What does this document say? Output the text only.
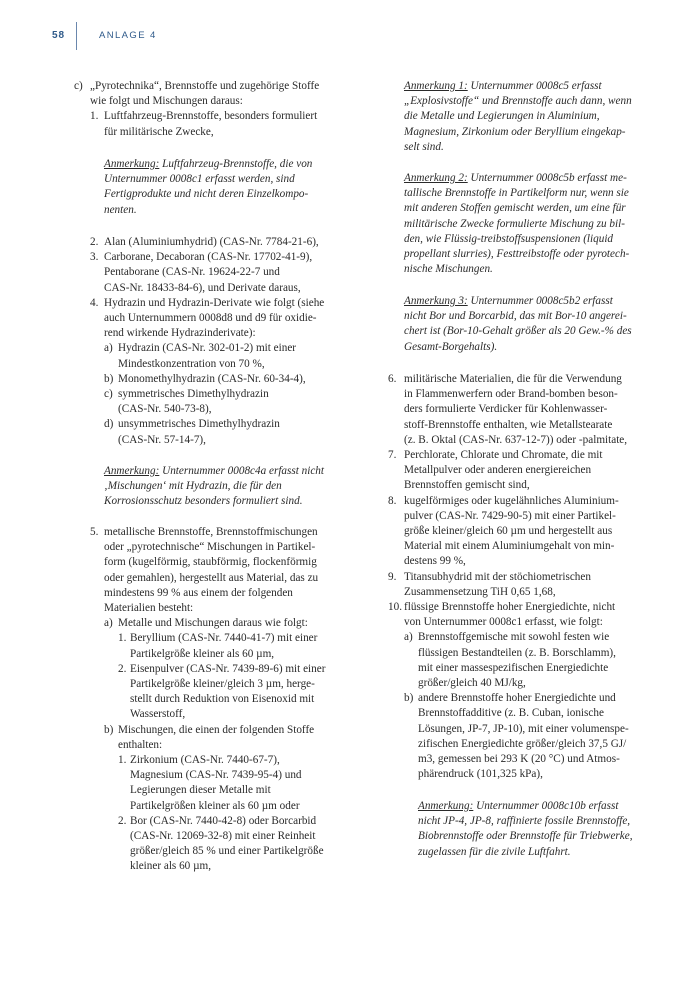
58	ANLAGE 4
c) „Pyrotechnika“, Brennstoffe und zugehörige Stoffe
wie folgt und Mischungen daraus:
1. Luftfahrzeug-Brennstoffe, besonders formuliert
für militärische Zwecke,
Anmerkung: Luftfahrzeug-Brennstoffe, die von
Unternummer 0008c1 erfasst werden, sind
Fertigprodukte und nicht deren Einzelkompo-
nenten.
2. Alan (Aluminiumhydrid) (CAS-Nr. 7784-21-6),
3. Carborane, Decaboran (CAS-Nr. 17702-41-9),
Pentaborane (CAS-Nr. 19624-22-7 und
CAS-Nr. 18433-84-6), und Derivate daraus,
4. Hydrazin und Hydrazin-Derivate wie folgt (siehe
auch Unternummern 0008d8 und d9 für oxidie-
rend wirkende Hydrazinderivate):
a) Hydrazin (CAS-Nr. 302-01-2) mit einer
Mindestkonzentration von 70 %,
b) Monomethylhydrazin (CAS-Nr. 60-34-4),
c) symmetrisches Dimethylhydrazin
(CAS-Nr. 540-73-8),
d) unsymmetrisches Dimethylhydrazin
(CAS-Nr. 57-14-7),
Anmerkung: Unternummer 0008c4a erfasst nicht
‚Mischungen‘ mit Hydrazin, die für den
Korrosionsschutz besonders formuliert sind.
5. metallische Brennstoffe, Brennstoffmischungen
oder „pyrotechnische“ Mischungen in Partikel-
form (kugelförmig, staubförmig, flockenförmig
oder gemahlen), hergestellt aus Material, das zu
mindestens 99 % aus einem der folgenden
Materialien besteht:
a) Metalle und Mischungen daraus wie folgt:
1. Beryllium (CAS-Nr. 7440-41-7) mit einer
Partikelgröße kleiner als 60 µm,
2. Eisenpulver (CAS-Nr. 7439-89-6) mit einer
Partikelgröße kleiner/gleich 3 µm, herge-
stellt durch Reduktion von Eisenoxid mit
Wasserstoff,
b) Mischungen, die einen der folgenden Stoffe
enthalten:
1. Zirkonium (CAS-Nr. 7440-67-7),
Magnesium (CAS-Nr. 7439-95-4) und
Legierungen dieser Metalle mit
Partikelgrößen kleiner als 60 µm oder
2. Bor (CAS-Nr. 7440-42-8) oder Borcarbid
(CAS-Nr. 12069-32-8) mit einer Reinheit
größer/gleich 85 % und einer Partikelgröße
kleiner als 60 µm,
Anmerkung 1: Unternummer 0008c5 erfasst
„Explosivstoffe“ und Brennstoffe auch dann, wenn
die Metalle und Legierungen in Aluminium,
Magnesium, Zirkonium oder Beryllium eingekap-
selt sind.
Anmerkung 2: Unternummer 0008c5b erfasst me-
tallische Brennstoffe in Partikelform nur, wenn sie
mit anderen Stoffen gemischt werden, um eine für
militärische Zwecke formulierte Mischung zu bil-
den, wie Flüssig-treibstoffsuspensionen (liquid
propellant slurries), Festtreibstoffe oder pyrotech-
nische Mischungen.
Anmerkung 3: Unternummer 0008c5b2 erfasst
nicht Bor und Borcarbid, das mit Bor-10 angerei-
chert ist (Bor-10-Gehalt größer als 20 Gew.-% des
Gesamt-Borgehalts).
6. militärische Materialien, die für die Verwendung
in Flammenwerfern oder Brand-bomben beson-
ders formulierte Verdicker für Kohlenwasser-
stoff-Brennstoffe enthalten, wie Metallstearate
(z. B. Oktal (CAS-Nr. 637-12-7)) oder -palmitate,
7. Perchlorate, Chlorate und Chromate, die mit
Metallpulver oder anderen energiereichen
Brennstoffen gemischt sind,
8. kugelförmiges oder kugelähnliches Aluminium-
pulver (CAS-Nr. 7429-90-5) mit einer Partikel-
größe kleiner/gleich 60 µm und hergestellt aus
Material mit einem Aluminiumgehalt von min-
destens 99 %,
9. Titansubhydrid mit der stöchiometrischen
Zusammensetzung TiH 0,65 1,68,
10. flüssige Brennstoffe hoher Energiedichte, nicht
von Unternummer 0008c1 erfasst, wie folgt:
a) Brennstoffgemische mit sowohl festen wie
flüssigen Bestandteilen (z. B. Borschlamm),
mit einer massespezifischen Energiedichte
größer/gleich 40 MJ/kg,
b) andere Brennstoffe hoher Energiedichte und
Brennstoffadditive (z. B. Cuban, ionische
Lösungen, JP-7, JP-10), mit einer volumenspe-
zifischen Energiedichte größer/gleich 37,5 GJ/
m3, gemessen bei 293 K (20 °C) und Atmos-
phärendruck (101,325 kPa),
Anmerkung: Unternummer 0008c10b erfasst
nicht JP-4, JP-8, raffinierte fossile Brennstoffe,
Biobrennstoffe oder Brennstoffe für Triebwerke,
zugelassen für die zivile Luftfahrt.
